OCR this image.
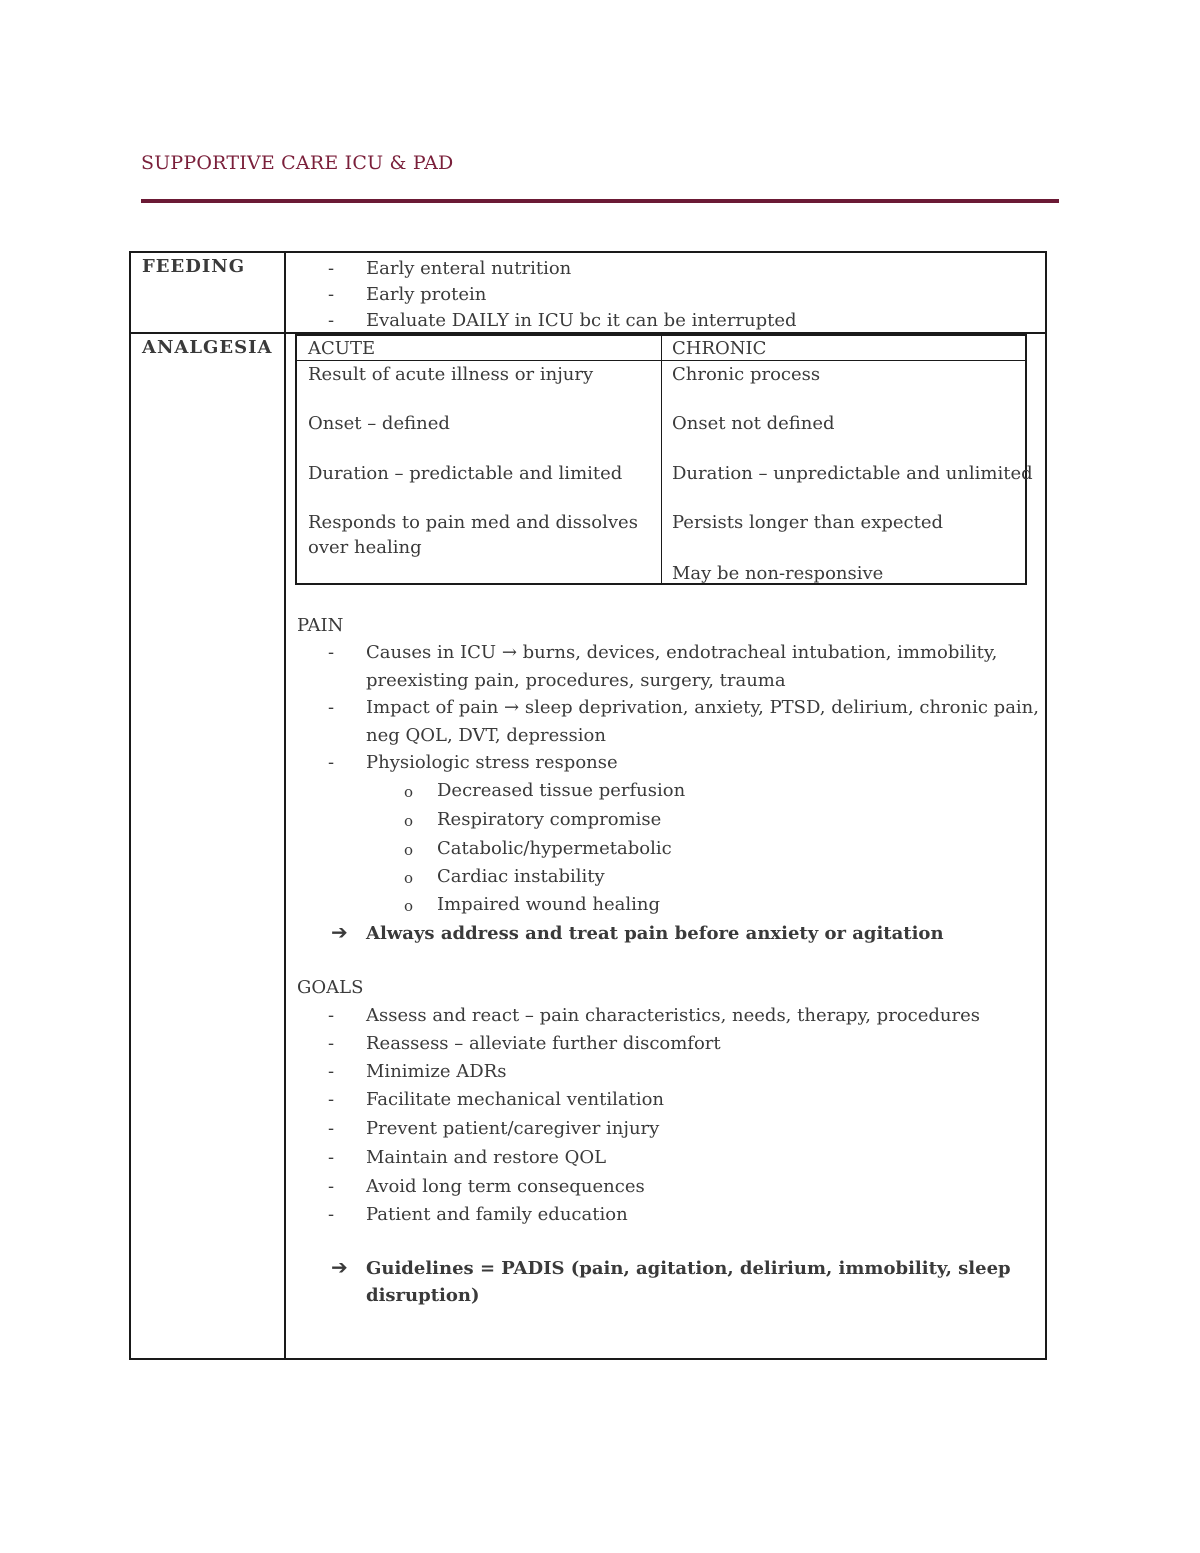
SUPPORTIVE CARE ICU & PAD
FEEDING	- Early enteral nutrition
- Early protein
- Evaluate DAILY in ICU bc it can be interrupted
ANALGESIA ACUTE	CHRONIC
Result of acute illness or injury
Onset – defined
Duration – predictable and limited
Responds to pain med and dissolves
over healing
Chronic process
Onset not defined
Duration – unpredictable and unlimited
Persists longer than expected
May be non-responsive
PAIN
- Causes in ICU → burns, devices, endotracheal intubation, immobility,
preexisting pain, procedures, surgery, trauma
- Impact of pain → sleep deprivation, anxiety, PTSD, delirium, chronic pain,
neg QOL, DVT, depression
- Physiologic stress response
o Decreased tissue perfusion
o Respiratory compromise
o Catabolic/hypermetabolic
o Cardiac instability
o Impaired wound healing
➔ Always address and treat pain before anxiety or agitation
GOALS
- Assess and react – pain characteristics, needs, therapy, procedures
- Reassess – alleviate further discomfort
- Minimize ADRs
- Facilitate mechanical ventilation
- Prevent patient/caregiver injury
- Maintain and restore QOL
- Avoid long term consequences
- Patient and family education
➔ Guidelines = PADIS (pain, agitation, delirium, immobility, sleep
disruption)
